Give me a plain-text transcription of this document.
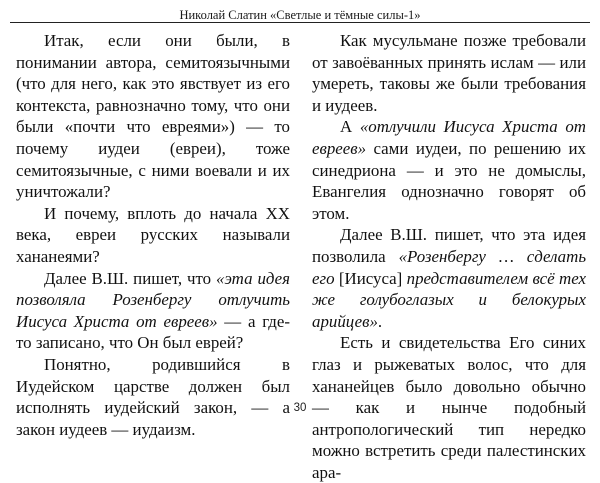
Николай Слатин «Светлые и тёмные силы-1»

Итак, если они были, в понимании автора, семитоязычными (что для него, как это явствует из его контекста, равнозначно тому, что они были «почти что евреями») — то почему иудеи (евреи), тоже семитоязычные, с ними воевали и их уничтожали?

И почему, вплоть до начала XX века, евреи русских называли хананеями?

Далее В.Ш. пишет, что «эта идея позволяла Розенбергу отлучить Иисуса Христа от евреев» — а где-то записано, что Он был еврей?

Понятно, родившийся в Иудейском царстве должен был исполнять иудейский закон, — а закон иудеев — иудаизм.

Как мусульмане позже требовали от завоёванных принять ислам — или умереть, таковы же были требования и иудеев.

А «отлучили Иисуса Христа от евреев» сами иудеи, по решению их синедриона — и это не домыслы, Евангелия однозначно говорят об этом.

Далее В.Ш. пишет, что эта идея позволила «Розенбергу … сделать его [Иисуса] представителем всё тех же голубоглазых и белокурых арийцев».

Есть и свидетельства Его синих глаз и рыжеватых волос, что для хананейцев было довольно обычно — как и нынче подобный антропологический тип нередко можно встретить среди палестинских ара-

30
